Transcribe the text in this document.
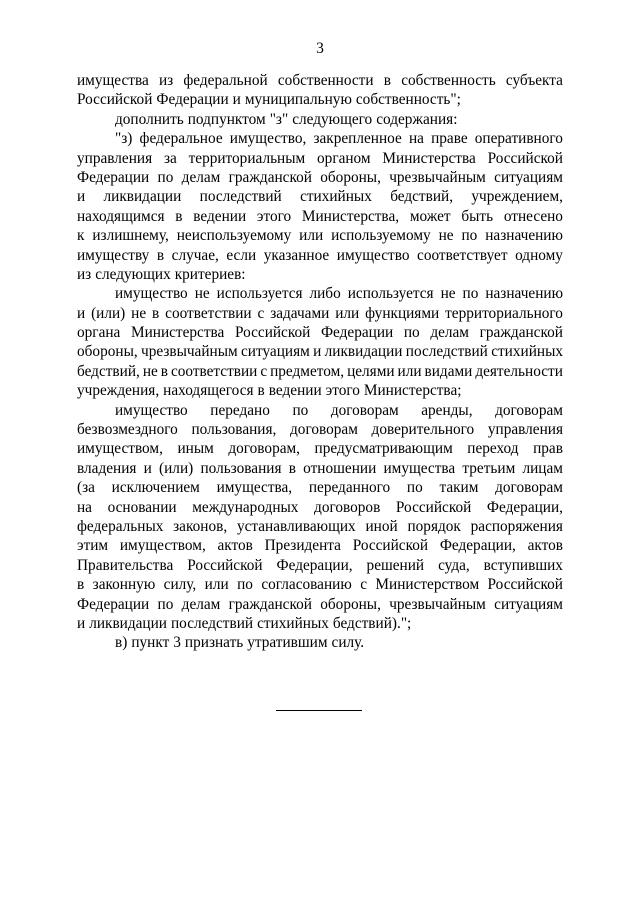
3
имущества из федеральной собственности в собственность субъекта
Российской Федерации и муниципальную собственность";
дополнить подпунктом "з" следующего содержания:
"з) федеральное имущество, закрепленное на праве оперативного
управления за территориальным органом Министерства Российской
Федерации по делам гражданской обороны, чрезвычайным ситуациям
и ликвидации последствий стихийных бедствий, учреждением,
находящимся в ведении этого Министерства, может быть отнесено
к излишнему, неиспользуемому или используемому не по назначению
имуществу в случае, если указанное имущество соответствует одному
из следующих критериев:
имущество не используется либо используется не по назначению
и (или) не в соответствии с задачами или функциями территориального
органа Министерства Российской Федерации по делам гражданской
обороны, чрезвычайным ситуациям и ликвидации последствий стихийных
бедствий, не в соответствии с предметом, целями или видами деятельности
учреждения, находящегося в ведении этого Министерства;
имущество передано по договорам аренды, договорам
безвозмездного пользования, договорам доверительного управления
имуществом, иным договорам, предусматривающим переход прав
владения и (или) пользования в отношении имущества третьим лицам
(за исключением имущества, переданного по таким договорам
на основании международных договоров Российской Федерации,
федеральных законов, устанавливающих иной порядок распоряжения
этим имуществом, актов Президента Российской Федерации, актов
Правительства Российской Федерации, решений суда, вступивших
в законную силу, или по согласованию с Министерством Российской
Федерации по делам гражданской обороны, чрезвычайным ситуациям
и ликвидации последствий стихийных бедствий).";
в) пункт 3 признать утратившим силу.
